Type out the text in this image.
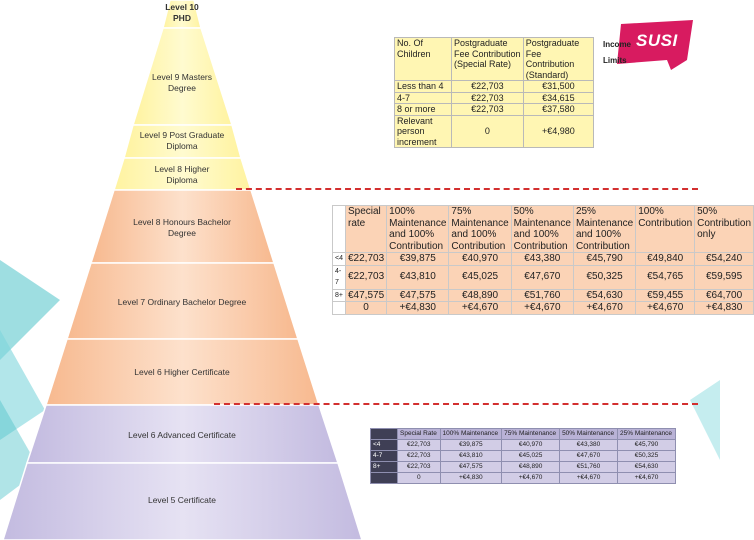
Level 10 PHD
Level 9 Masters Degree
Level 9 Post Graduate Diploma
Level 8 Higher Diploma
Level 8 Honours Bachelor Degree
Level 7 Ordinary Bachelor Degree
Level 6 Higher Certificate
Level 6 Advanced Certificate
Level 5 Certificate
SUSI
Income
Limits
No. Of Children	Postgraduate Fee Contribution (Special Rate)	Postgraduate Fee Contribution (Standard)
Less than 4	€22,703	€31,500
4-7	€22,703	€34,615
8 or more	€22,703	€37,580
Relevant person increment	0	+€4,980
	Special rate	100% Maintenance and 100% Contribution	75% Maintenance and 100% Contribution	50% Maintenance and 100% Contribution	25% Maintenance and 100% Contribution	100% Contribution	50% Contribution only
<4	€22,703	€39,875	€40,970	€43,380	€45,790	€49,840	€54,240
4-7	€22,703	€43,810	€45,025	€47,670	€50,325	€54,765	€59,595
8+	€47,575	€47,575	€48,890	€51,760	€54,630	€59,455	€64,700
	0	+€4,830	+€4,670	+€4,670	+€4,670	+€4,670	+€4,830
	Special Rate	100% Maintenance	75% Maintenance	50% Maintenance	25% Maintenance
<4	€22,703	€39,875	€40,970	€43,380	€45,790
4-7	€22,703	€43,810	€45,025	€47,670	€50,325
8+	€22,703	€47,575	€48,890	€51,760	€54,630
	0	+€4,830	+€4,670	+€4,670	+€4,670
